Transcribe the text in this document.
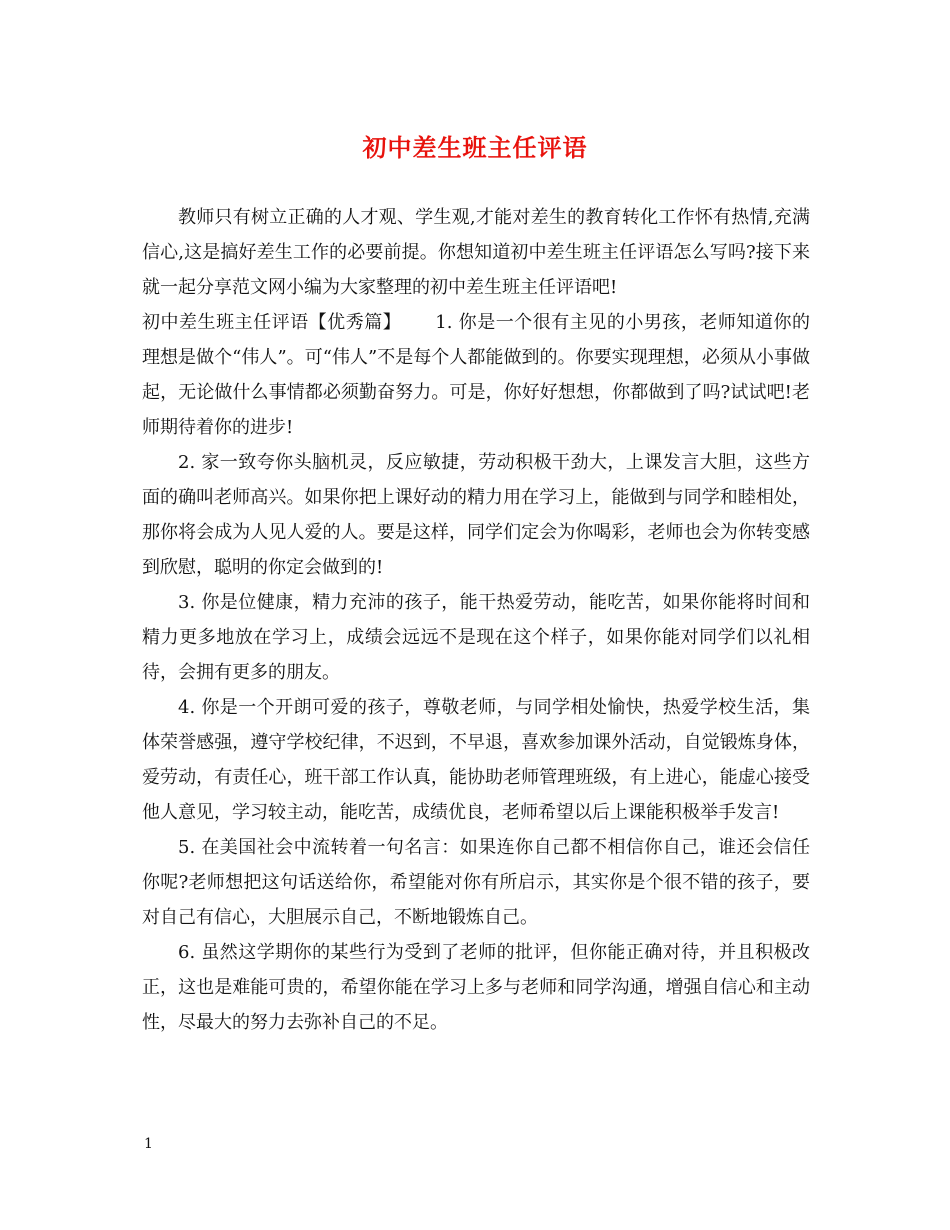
初中差生班主任评语

教师只有树立正确的人才观、学生观,才能对差生的教育转化工作怀有热情,充满信心,这是搞好差生工作的必要前提。你想知道初中差生班主任评语怎么写吗?接下来就一起分享范文网小编为大家整理的初中差生班主任评语吧!

初中差生班主任评语【优秀篇】 1. 你是一个很有主见的小男孩，老师知道你的理想是做个“伟人”。可“伟人”不是每个人都能做到的。你要实现理想，必须从小事做起，无论做什么事情都必须勤奋努力。可是，你好好想想，你都做到了吗?试试吧!老师期待着你的进步!

2. 家一致夸你头脑机灵，反应敏捷，劳动积极干劲大，上课发言大胆，这些方面的确叫老师高兴。如果你把上课好动的精力用在学习上，能做到与同学和睦相处，那你将会成为人见人爱的人。要是这样，同学们定会为你喝彩，老师也会为你转变感到欣慰，聪明的你定会做到的!

3. 你是位健康，精力充沛的孩子，能干热爱劳动，能吃苦，如果你能将时间和精力更多地放在学习上，成绩会远远不是现在这个样子，如果你能对同学们以礼相待，会拥有更多的朋友。

4. 你是一个开朗可爱的孩子，尊敬老师，与同学相处愉快，热爱学校生活，集体荣誉感强，遵守学校纪律，不迟到，不早退，喜欢参加课外活动，自觉锻炼身体，爱劳动，有责任心，班干部工作认真，能协助老师管理班级，有上进心，能虚心接受他人意见，学习较主动，能吃苦，成绩优良，老师希望以后上课能积极举手发言!

5. 在美国社会中流转着一句名言：如果连你自己都不相信你自己，谁还会信任你呢?老师想把这句话送给你，希望能对你有所启示，其实你是个很不错的孩子，要对自己有信心，大胆展示自己，不断地锻炼自己。

6. 虽然这学期你的某些行为受到了老师的批评，但你能正确对待，并且积极改正，这也是难能可贵的，希望你能在学习上多与老师和同学沟通，增强自信心和主动性，尽最大的努力去弥补自己的不足。

1
